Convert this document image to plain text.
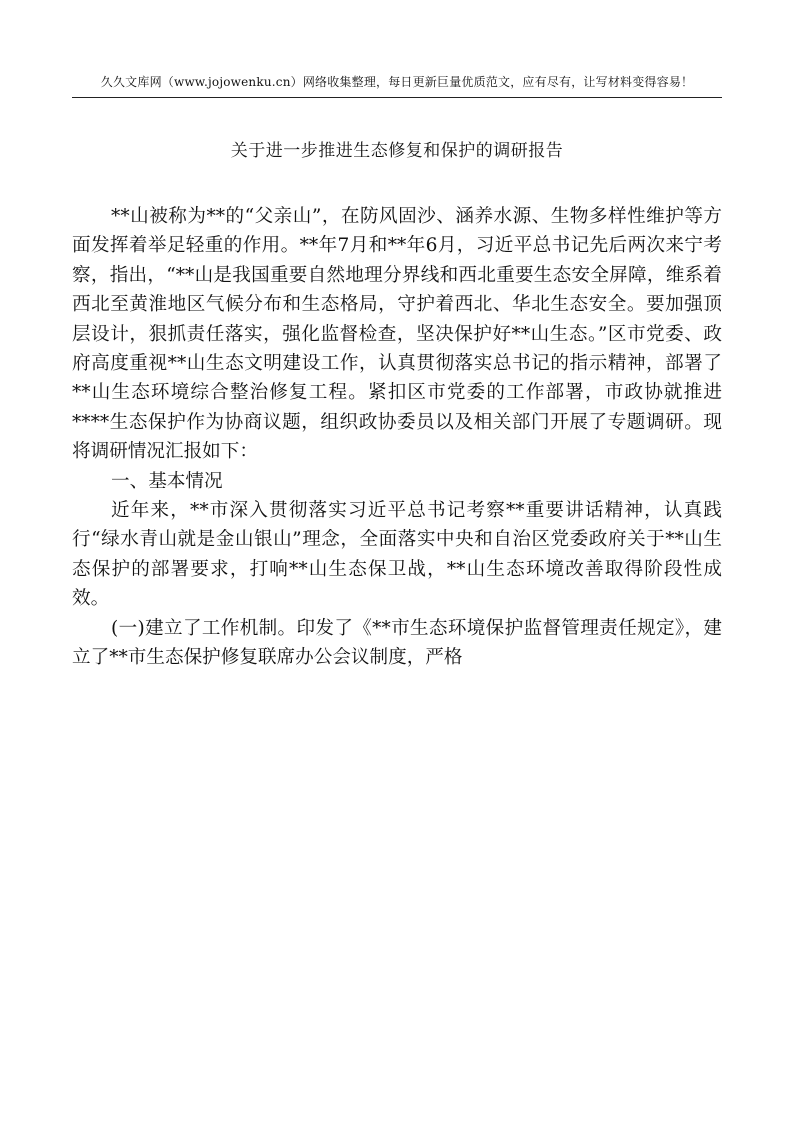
久久文库网（www.jojowenku.cn）网络收集整理，每日更新巨量优质范文，应有尽有，让写材料变得容易！
关于进一步推进生态修复和保护的调研报告

**山被称为**的“父亲山”，在防风固沙、涵养水源、生物多样性维护等方面发挥着举足轻重的作用。**年7月和**年6月，习近平总书记先后两次来宁考察，指出，“**山是我国重要自然地理分界线和西北重要生态安全屏障，维系着西北至黄淮地区气候分布和生态格局，守护着西北、华北生态安全。要加强顶层设计，狠抓责任落实，强化监督检查，坚决保护好**山生态。”区市党委、政府高度重视**山生态文明建设工作，认真贯彻落实总书记的指示精神，部署了**山生态环境综合整治修复工程。紧扣区市党委的工作部署，市政协就推进****生态保护作为协商议题，组织政协委员以及相关部门开展了专题调研。现将调研情况汇报如下：

一、基本情况

近年来，**市深入贯彻落实习近平总书记考察**重要讲话精神，认真践行“绿水青山就是金山银山”理念，全面落实中央和自治区党委政府关于**山生态保护的部署要求，打响**山生态保卫战，**山生态环境改善取得阶段性成效。

(一)建立了工作机制。印发了《**市生态环境保护监督管理责任规定》，建立了**市生态保护修复联席办公会议制度，严格
